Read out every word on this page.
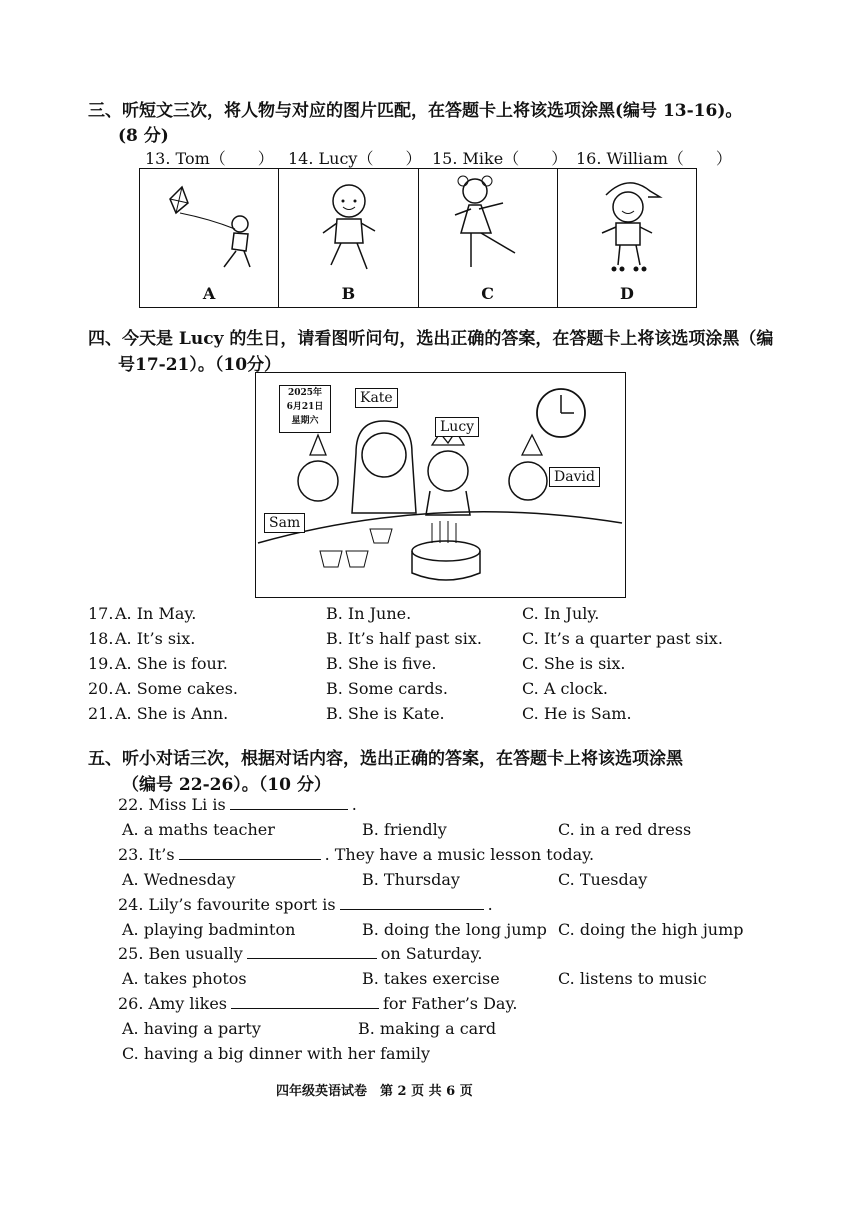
三、听短文三次，将人物与对应的图片匹配，在答题卡上将该选项涂黑(编号 13-16)。
(8 分)
13. Tom（　　） 14. Lucy（　　） 15. Mike（　　） 16. William（　　）
A	B	C	D
四、今天是 Lucy 的生日，请看图听问句，选出正确的答案，在答题卡上将该选项涂黑（编
号17-21）。（10分）
2025年
6月21日
星期六
Kate
Lucy
David
Sam
17. A. In May.	B. In June.	C. In July.
18. A. It’s six.	B. It’s half past six.	C. It’s a quarter past six.
19. A. She is four.	B. She is five.	C. She is six.
20. A. Some cakes.	B. Some cards.	C. A clock.
21. A. She is Ann.	B. She is Kate.	C. He is Sam.
五、听小对话三次，根据对话内容，选出正确的答案，在答题卡上将该选项涂黑
（编号 22-26）。（10 分）
22. Miss Li is	.
A. a maths teacher	B. friendly	C. in a red dress
23. It’s	. They have a music lesson today.
A. Wednesday	B. Thursday	C. Tuesday
24. Lily’s favourite sport is	.
A. playing badminton	B. doing the long jump C. doing the high jump
25. Ben usually	on Saturday.
A. takes photos	B. takes exercise	C. listens to music
26. Amy likes	for Father’s Day.
A. having a party	B. making a card
C. having a big dinner with her family
四年级英语试卷　第 2 页 共 6 页
